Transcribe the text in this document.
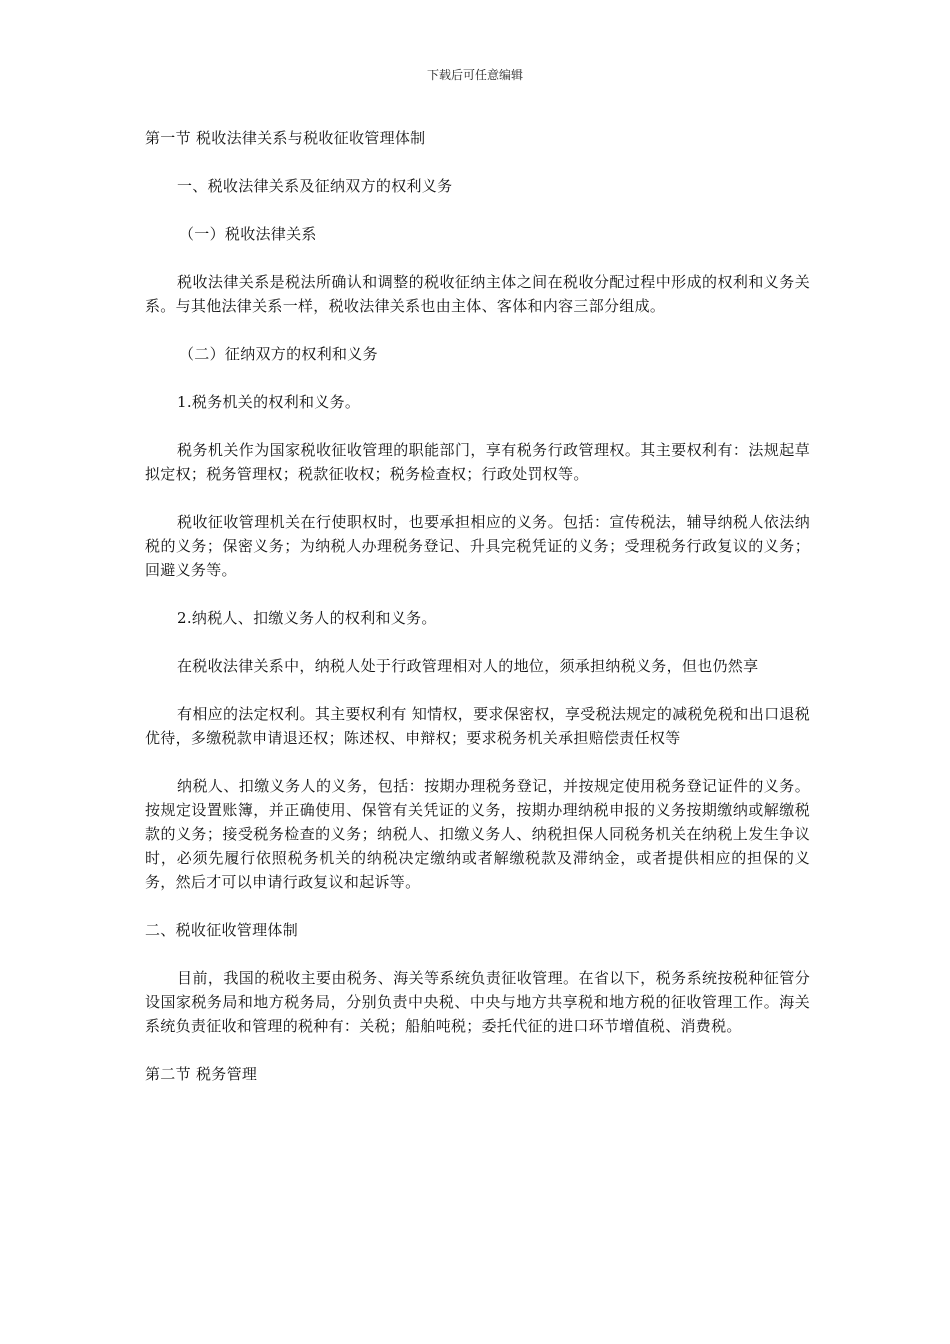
下载后可任意编辑

第一节 税收法律关系与税收征收管理体制

一、税收法律关系及征纳双方的权利义务

（一）税收法律关系

税收法律关系是税法所确认和调整的税收征纳主体之间在税收分配过程中形成的权利和义务关系。与其他法律关系一样，税收法律关系也由主体、客体和内容三部分组成。

（二）征纳双方的权利和义务

1.税务机关的权利和义务。

税务机关作为国家税收征收管理的职能部门，享有税务行政管理权。其主要权利有：法规起草拟定权；税务管理权；税款征收权；税务检查权；行政处罚权等。

税收征收管理机关在行使职权时，也要承担相应的义务。包括：宣传税法，辅导纳税人依法纳税的义务；保密义务；为纳税人办理税务登记、升具完税凭证的义务；受理税务行政复议的义务；回避义务等。

2.纳税人、扣缴义务人的权利和义务。

在税收法律关系中，纳税人处于行政管理相对人的地位，须承担纳税义务，但也仍然享

有相应的法定权利。其主要权利有 知情权，要求保密权，享受税法规定的减税免税和出口退税优待，多缴税款申请退还权；陈述权、申辩权；要求税务机关承担赔偿责任权等

纳税人、扣缴义务人的义务，包括：按期办理税务登记，并按规定使用税务登记证件的义务。按规定设置账簿，并正确使用、保管有关凭证的义务，按期办理纳税申报的义务按期缴纳或解缴税款的义务；接受税务检查的义务；纳税人、扣缴义务人、纳税担保人同税务机关在纳税上发生争议时，必须先履行依照税务机关的纳税决定缴纳或者解缴税款及滞纳金，或者提供相应的担保的义务，然后才可以申请行政复议和起诉等。

二、税收征收管理体制

目前，我国的税收主要由税务、海关等系统负责征收管理。在省以下，税务系统按税种征管分设国家税务局和地方税务局，分别负责中央税、中央与地方共享税和地方税的征收管理工作。海关系统负责征收和管理的税种有：关税；船舶吨税；委托代征的进口环节增值税、消费税。

第二节 税务管理
